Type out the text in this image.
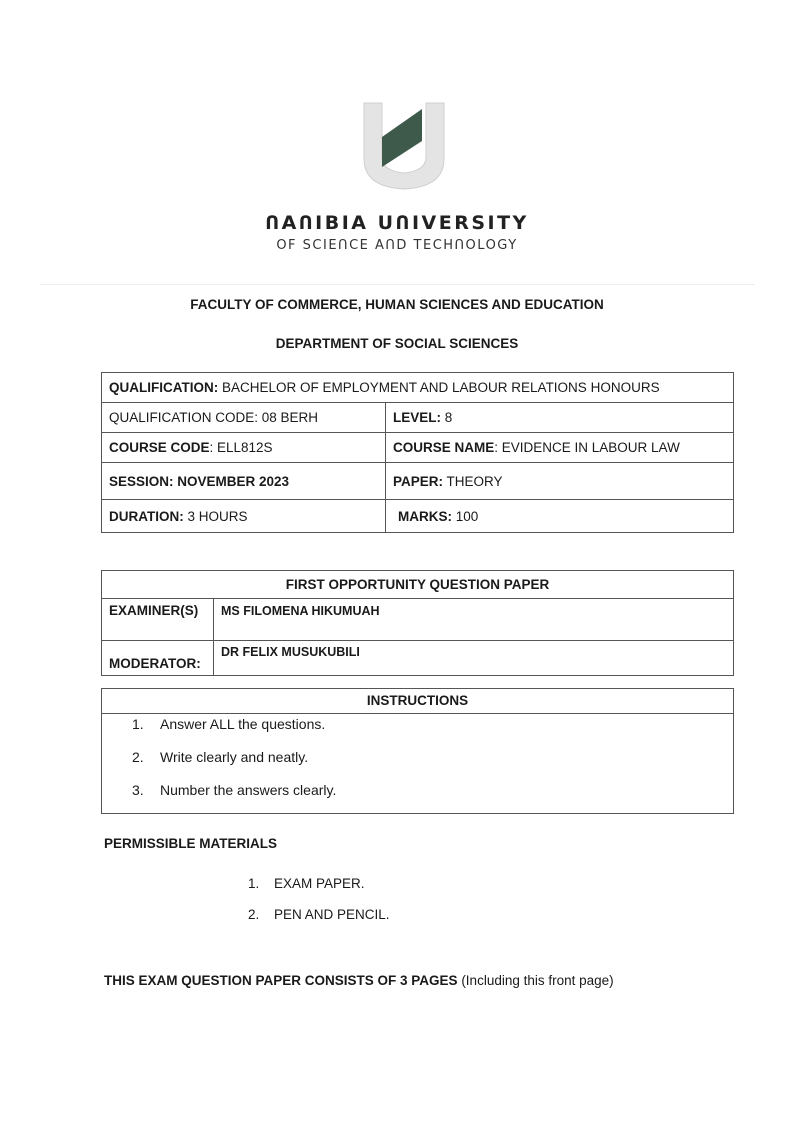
ՈAՈIBIA UՈIVERSITY
OF SCIEՈCE AՈD TECHՈOLOGY
FACULTY OF COMMERCE, HUMAN SCIENCES AND EDUCATION
DEPARTMENT OF SOCIAL SCIENCES
QUALIFICATION: BACHELOR OF EMPLOYMENT AND LABOUR RELATIONS HONOURS	
QUALIFICATION CODE: 08 BERH	LEVEL: 8
COURSE CODE: ELL812S	COURSE NAME: EVIDENCE IN LABOUR LAW
SESSION: NOVEMBER 2023	PAPER: THEORY
DURATION: 3 HOURS	MARKS: 100
FIRST OPPORTUNITY QUESTION PAPER	
EXAMINER(S)	MS FILOMENA HIKUMUAH
MODERATOR:	DR FELIX MUSUKUBILI
INSTRUCTIONS
1. Answer ALL the questions.
2. Write clearly and neatly.
3. Number the answers clearly.
PERMISSIBLE MATERIALS
1. EXAM PAPER.
2. PEN AND PENCIL.
THIS EXAM QUESTION PAPER CONSISTS OF 3 PAGES (Including this front page)
